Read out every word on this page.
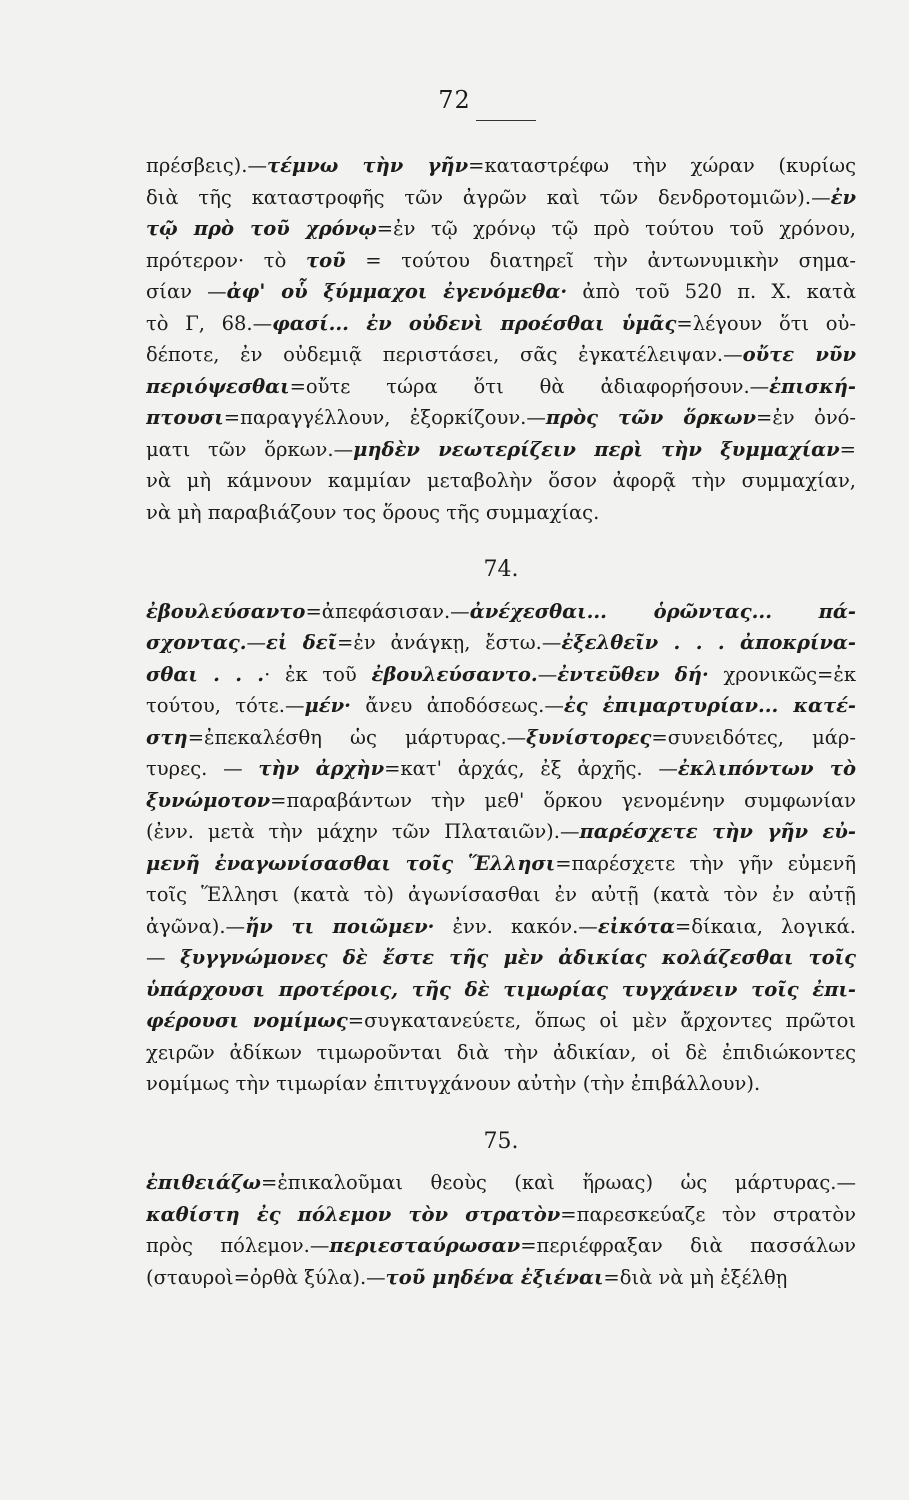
72

πρέσβεις).—τέμνω τὴν γῆν=καταστρέφω τὴν χώραν (κυρίως
διὰ τῆς καταστροφῆς τῶν ἀγρῶν καὶ τῶν δενδροτομιῶν).—ἐν
τῷ πρὸ τοῦ χρόνῳ=ἐν τῷ χρόνῳ τῷ πρὸ τούτου τοῦ χρόνου,
πρότερον· τὸ τοῦ = τούτου διατηρεῖ τὴν ἀντωνυμικὴν σημα-
σίαν —ἀφ' οὗ ξύμμαχοι ἐγενόμεθα· ἀπὸ τοῦ 520 π. Χ. κατὰ
τὸ Γ, 68.—φασί... ἐν οὐδενὶ προέσθαι ὑμᾶς=λέγουν ὅτι οὐ-
δέποτε, ἐν οὐδεμιᾷ περιστάσει, σᾶς ἐγκατέλειψαν.—οὔτε νῦν
περιόψεσθαι=οὔτε τώρα ὅτι θὰ ἀδιαφορήσουν.—ἐπισκή-
πτουσι=παραγγέλλουν, ἐξορκίζουν.—πρὸς τῶν ὅρκων=ἐν ὀνό-
ματι τῶν ὅρκων.—μηδὲν νεωτερίζειν περὶ τὴν ξυμμαχίαν=
νὰ μὴ κάμνουν καμμίαν μεταβολὴν ὅσον ἀφορᾷ τὴν συμμαχίαν,
νὰ μὴ παραβιάζουν τος ὅρους τῆς συμμαχίας.

74.

ἐβουλεύσαντο=ἀπεφάσισαν.—ἀνέχεσθαι... ὁρῶντας... πά-
σχοντας.—εἰ δεῖ=ἐν ἀνάγκῃ, ἔστω.—ἐξελθεῖν . . . ἀποκρίνα-
σθαι . . .· ἐκ τοῦ ἐβουλεύσαντο.—ἐντεῦθεν δή· χρονικῶς=ἐκ
τούτου, τότε.—μέν· ἄνευ ἀποδόσεως.—ἐς ἐπιμαρτυρίαν... κατέ-
στη=ἐπεκαλέσθη ὡς μάρτυρας.—ξυνίστορες=συνειδότες, μάρ-
τυρες. — τὴν ἀρχὴν=κατ' ἀρχάς, ἐξ ἀρχῆς. —ἐκλιπόντων τὸ
ξυνώμοτον=παραβάντων τὴν μεθ' ὅρκου γενομένην συμφωνίαν
(ἐνν. μετὰ τὴν μάχην τῶν Πλαταιῶν).—παρέσχετε τὴν γῆν εὐ-
μενῆ ἐναγωνίσασθαι τοῖς Ἕλλησι=παρέσχετε τὴν γῆν εὐμενῆ
τοῖς Ἕλλησι (κατὰ τὸ) ἀγωνίσασθαι ἐν αὐτῇ (κατὰ τὸν ἐν αὐτῇ
ἀγῶνα).—ἤν τι ποιῶμεν· ἐνν. κακόν.—εἰκότα=δίκαια, λογικά.
— ξυγγνώμονες δὲ ἔστε τῆς μὲν ἀδικίας κολάζεσθαι τοῖς
ὑπάρχουσι προτέροις, τῆς δὲ τιμωρίας τυγχάνειν τοῖς ἐπι-
φέρουσι νομίμως=συγκατανεύετε, ὅπως οἱ μὲν ἄρχοντες πρῶτοι
χειρῶν ἀδίκων τιμωροῦνται διὰ τὴν ἀδικίαν, οἱ δὲ ἐπιδιώκοντες
νομίμως τὴν τιμωρίαν ἐπιτυγχάνουν αὐτὴν (τὴν ἐπιβάλλουν).

75.

ἐπιθειάζω=ἐπικαλοῦμαι θεοὺς (καὶ ἥρωας) ὡς μάρτυρας.—
καθίστη ἐς πόλεμον τὸν στρατὸν=παρεσκεύαζε τὸν στρατὸν
πρὸς πόλεμον.—περιεσταύρωσαν=περιέφραξαν διὰ πασσάλων
(σταυροὶ=ὀρθὰ ξύλα).—τοῦ μηδένα ἐξιέναι=διὰ νὰ μὴ ἐξέλθῃ
